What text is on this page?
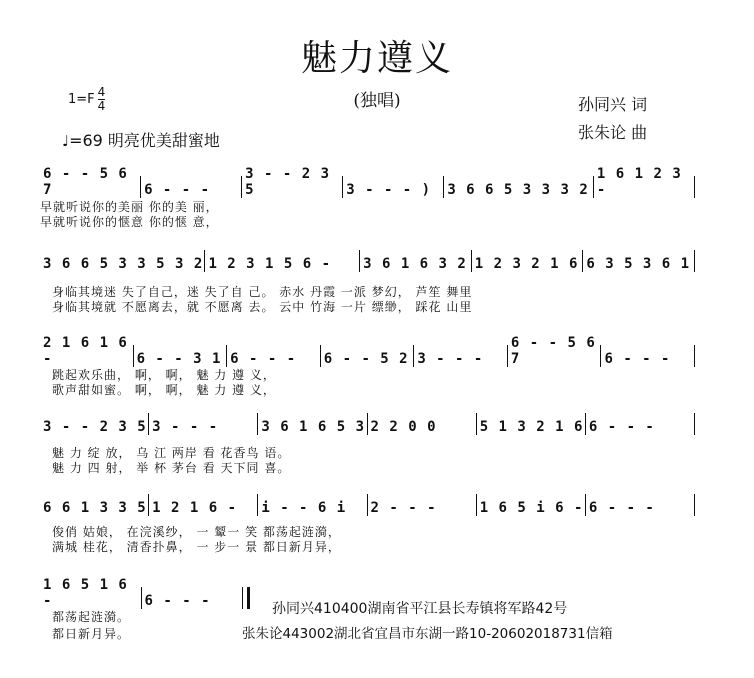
魅力遵义
(独唱)
$1=F \frac{4}{4}$
♩=69 明亮优美甜蜜地
孙同兴 词
张朱论 曲
6 - - 5 6 7	6 - - -
3 - - 2 3 5	3 - - - )	3 6 6 5 3 3 3 2
1 6 1 2 3 -
早就听说你的美丽 你的美 丽，
早就听说你的惬意 你的惬 意，
3 6 6 5 3 3 5 3 2 1 2 3 1 5 6 -	3 6 1 6 3 2 1 2 3 2 1 6 6 3 5 3 6 1
身临其境迷 失了自己，迷 失了自 己。 赤水 丹霞 一派 梦幻， 芦笙 舞里
身临其境就 不愿离去，就 不愿离 去。 云中 竹海 一片 缥缈， 踩花 山里
2 1 6 1 6 -	6 - - 3 1 6 - - -	6 - - 5 2 3 - - -
6 - - 5 6 7	6 - - -
跳起欢乐曲， 啊， 啊， 魅 力 遵 义，
歌声甜如蜜。 啊， 啊， 魅 力 遵 义，
3 - - 2 3 5 3 - - -	3 6 1 6 5 3 2 2 0 0	5 1 3 2 1 6 6 - - -
魅 力 绽 放， 乌 江 两岸 看 花香鸟 语。
魅 力 四 射， 举 杯 茅台 看 天下同 喜。
6 6 1 3 3 5 1 2 1 6 -	i - - 6 i	2 - - -	1 6 5 i 6 - 6 - - -
俊俏 姑娘， 在浣溪纱， 一 颦一 笑 都荡起涟漪，
满城 桂花， 清香扑鼻， 一 步一 景 都日新月异，
1 6 5 1 6 -	6 - - -
都荡起涟漪。
都日新月异。
孙同兴410400湖南省平江县长寿镇将军路42号
张朱论443002湖北省宜昌市东湖一路10-20602018731信箱
